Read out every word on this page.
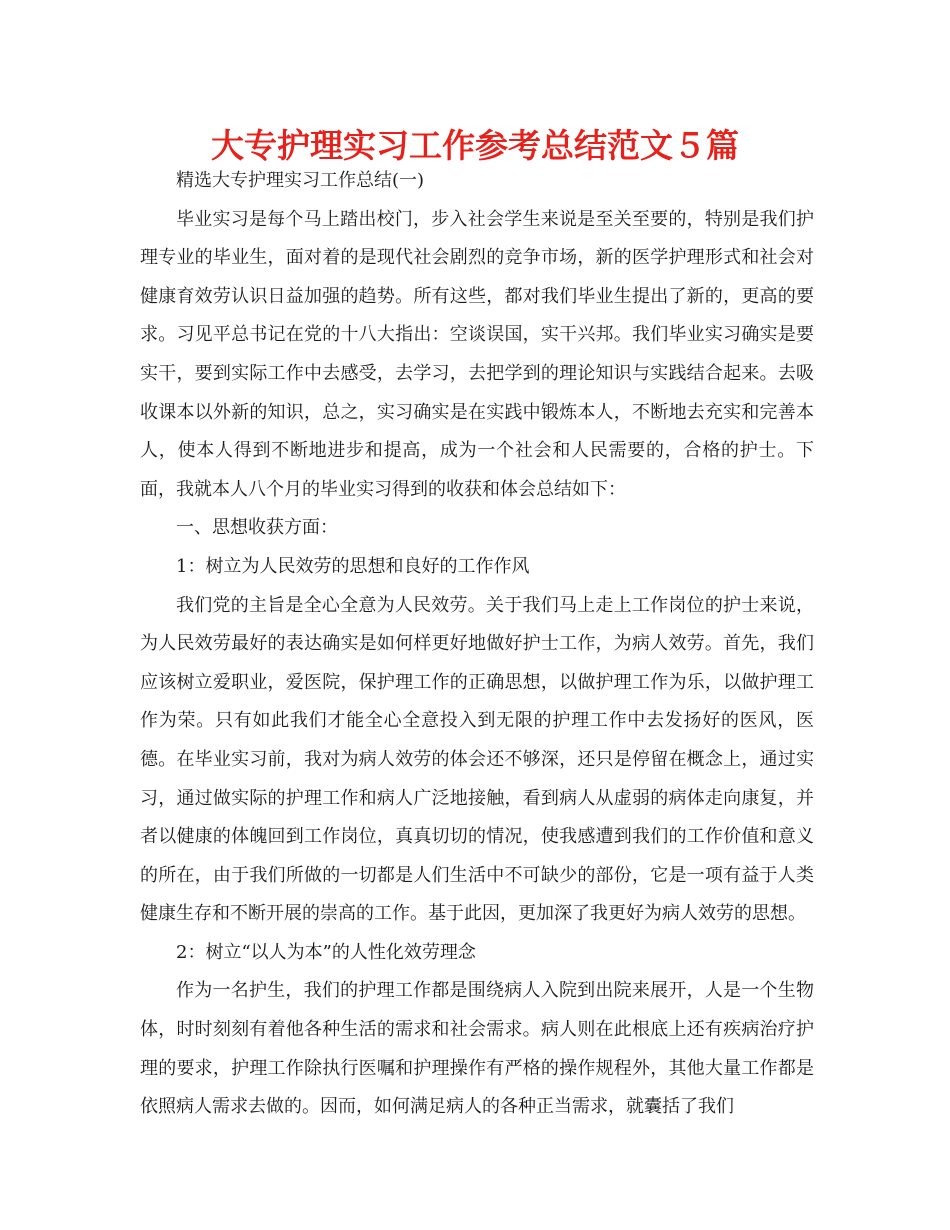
大专护理实习工作参考总结范文５篇

精选大专护理实习工作总结(一)

毕业实习是每个马上踏出校门，步入社会学生来说是至关至要的，特别是我们护理专业的毕业生，面对着的是现代社会剧烈的竞争市场，新的医学护理形式和社会对健康育效劳认识日益加强的趋势。所有这些，都对我们毕业生提出了新的，更高的要求。习见平总书记在党的十八大指出：空谈误国，实干兴邦。我们毕业实习确实是要实干，要到实际工作中去感受，去学习，去把学到的理论知识与实践结合起来。去吸收课本以外新的知识，总之，实习确实是在实践中锻炼本人，不断地去充实和完善本人，使本人得到不断地进步和提高，成为一个社会和人民需要的，合格的护士。下面，我就本人八个月的毕业实习得到的收获和体会总结如下：

一、思想收获方面：

1：树立为人民效劳的思想和良好的工作作风

我们党的主旨是全心全意为人民效劳。关于我们马上走上工作岗位的护士来说，为人民效劳最好的表达确实是如何样更好地做好护士工作，为病人效劳。首先，我们应该树立爱职业，爱医院，保护理工作的正确思想，以做护理工作为乐，以做护理工作为荣。只有如此我们才能全心全意投入到无限的护理工作中去发扬好的医风，医德。在毕业实习前，我对为病人效劳的体会还不够深，还只是停留在概念上，通过实习，通过做实际的护理工作和病人广泛地接触，看到病人从虚弱的病体走向康复，并者以健康的体魄回到工作岗位，真真切切的情况，使我感遭到我们的工作价值和意义的所在，由于我们所做的一切都是人们生活中不可缺少的部份，它是一项有益于人类健康生存和不断开展的崇高的工作。基于此因，更加深了我更好为病人效劳的思想。

2：树立“以人为本”的人性化效劳理念

作为一名护生，我们的护理工作都是围绕病人入院到出院来展开，人是一个生物体，时时刻刻有着他各种生活的需求和社会需求。病人则在此根底上还有疾病治疗护理的要求，护理工作除执行医嘱和护理操作有严格的操作规程外，其他大量工作都是依照病人需求去做的。因而，如何满足病人的各种正当需求，就囊括了我们
